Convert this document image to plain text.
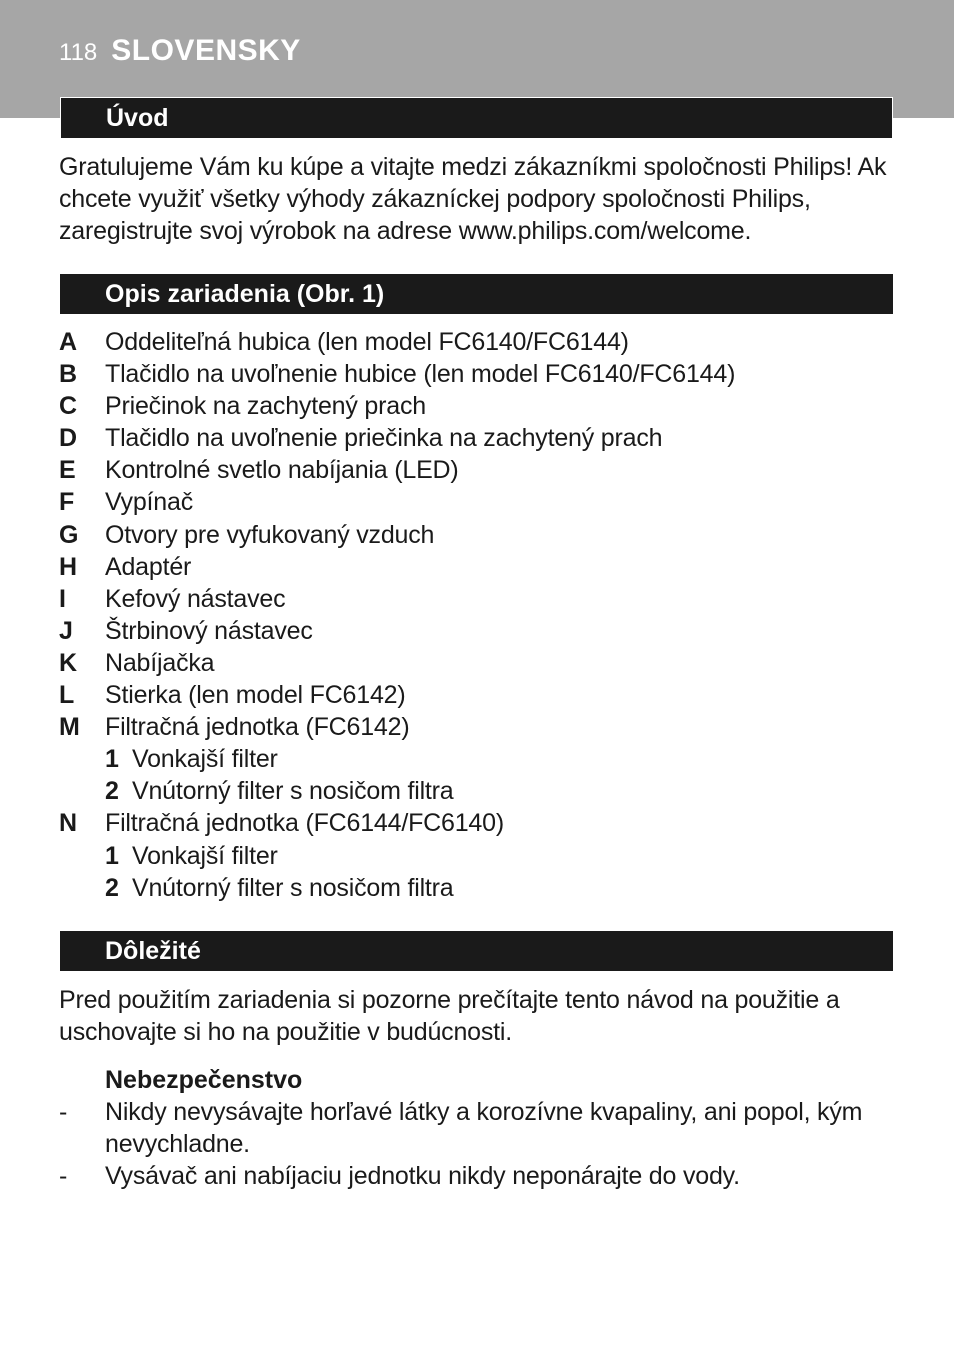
118 SLOVENSKY
Úvod

Gratulujeme Vám ku kúpe a vitajte medzi zákazníkmi spoločnosti Philips! Ak chcete využiť všetky výhody zákazníckej podpory spoločnosti Philips, zaregistrujte svoj výrobok na adrese www.philips.com/welcome.

Opis zariadenia (Obr. 1)
A Oddeliteľná hubica (len model FC6140/FC6144)
B Tlačidlo na uvoľnenie hubice (len model FC6140/FC6144)
C Priečinok na zachytený prach
D Tlačidlo na uvoľnenie priečinka na zachytený prach
E Kontrolné svetlo nabíjania (LED)
F Vypínač
G Otvory pre vyfukovaný vzduch
H Adaptér
I Kefový nástavec
J Štrbinový nástavec
K Nabíjačka
L Stierka (len model FC6142)
M Filtračná jednotka (FC6142)
1 Vonkajší filter
2 Vnútorný filter s nosičom filtra
N Filtračná jednotka (FC6144/FC6140)
1 Vonkajší filter
2 Vnútorný filter s nosičom filtra
Dôležité

Pred použitím zariadenia si pozorne prečítajte tento návod na použitie a uschovajte si ho na použitie v budúcnosti.

Nebezpečenstvo
- Nikdy nevysávajte horľavé látky a korozívne kvapaliny, ani popol, kým nevychladne.
- Vysávač ani nabíjaciu jednotku nikdy neponárajte do vody.
